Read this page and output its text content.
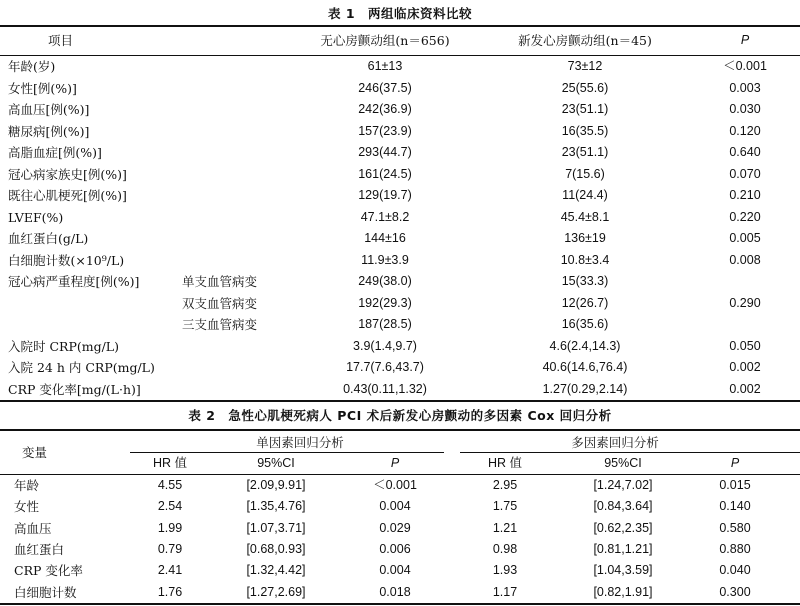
表 1　两组临床资料比较
项目	无心房颤动组(n＝656)	新发心房颤动组(n＝45)	P
年龄(岁)	61±13	73±12	＜0.001
女性[例(%)]	246(37.5)	25(55.6)	0.003
高血压[例(%)]	242(36.9)	23(51.1)	0.030
糖尿病[例(%)]	157(23.9)	16(35.5)	0.120
高脂血症[例(%)]	293(44.7)	23(51.1)	0.640
冠心病家族史[例(%)]	161(24.5)	7(15.6)	0.070
既往心肌梗死[例(%)]	129(19.7)	11(24.4)	0.210
LVEF(%)	47.1±8.2	45.4±8.1	0.220
血红蛋白(g/L)	144±16	136±19	0.005
白细胞计数(×10⁹/L)	11.9±3.9	10.8±3.4	0.008
冠心病严重程度[例(%)]	单支血管病变	249(38.0)	15(33.3)
双支血管病变	192(29.3)	12(26.7)	0.290
三支血管病变	187(28.5)	16(35.6)
入院时 CRP(mg/L)	3.9(1.4,9.7)	4.6(2.4,14.3)	0.050
入院 24 h 内 CRP(mg/L)	17.7(7.6,43.7)	40.6(14.6,76.4)	0.002
CRP 变化率[mg/(L·h)]	0.43(0.11,1.32)	1.27(0.29,2.14)	0.002
表 2　急性心肌梗死病人 PCI 术后新发心房颤动的多因素 Cox 回归分析
变量
单因素回归分析	多因素回归分析
HR 值	95%CI	P	HR 值	95%CI	P
年龄	4.55	[2.09,9.91]	＜0.001	2.95	[1.24,7.02]	0.015
女性	2.54	[1.35,4.76]	0.004	1.75	[0.84,3.64]	0.140
高血压	1.99	[1.07,3.71]	0.029	1.21	[0.62,2.35]	0.580
血红蛋白	0.79	[0.68,0.93]	0.006	0.98	[0.81,1.21]	0.880
CRP 变化率	2.41	[1.32,4.42]	0.004	1.93	[1.04,3.59]	0.040
白细胞计数	1.76	[1.27,2.69]	0.018	1.17	[0.82,1.91]	0.300
